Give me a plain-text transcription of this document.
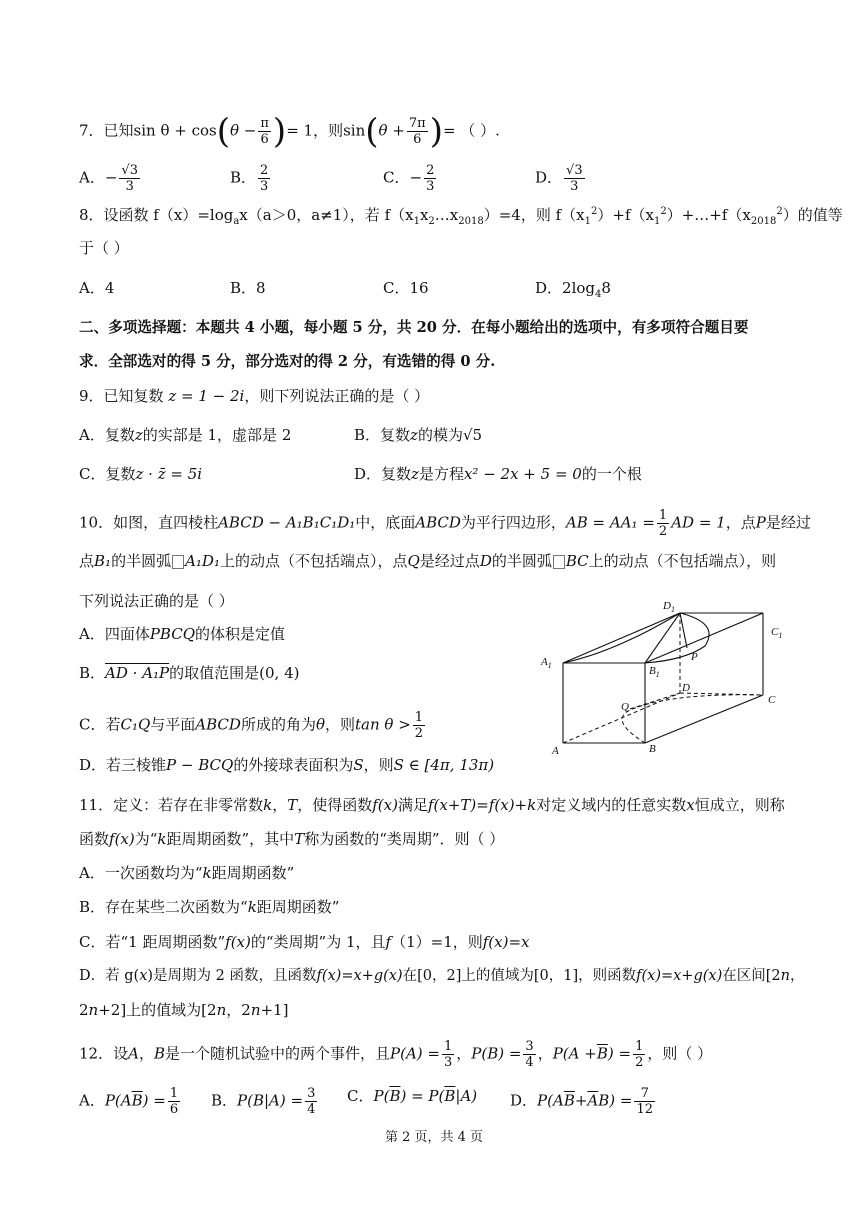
7．已知$\sin \theta + \cos(\theta - \frac{\pi}{6}$ )= 1，则$\sin(\theta + \frac{7\pi}{6}$ )= （ ）.
A．− $\frac{√3}{3}$	B． $\frac{2}{3}$	C．− $\frac{2}{3}$	D． $\frac{√3}{3}$
8．设函数 $f(x)=\log_ax(a>0$，a≠1），若 $f(x_1x_2\dots x_{2018})=4$，则 $f(x_1^2)+f(x_1^2)+\dots+f(x_{2018}^2)$的值等
于（ ）
A．4	B．8	C．16	D．$2\log_48$
二、多项选择题：本题共 4 小题，每小题 5 分，共 20 分．在每小题给出的选项中，有多项符合题目要
求．全部选对的得 5 分，部分选对的得 2 分，有选错的得 0 分.
9．已知复数 z = 1 − 2i，则下列说法正确的是（ ）
A．复数z的实部是 1，虚部是 2	B．复数z的模为√5
C．复数z · z̄ = 5i	D．复数z是方程x² − 2x + 5 = 0的一个根
10．如图，直四棱柱ABCD − A₁B₁C₁D₁中，底面ABCD为平行四边形，AB = $AA_1 = \frac{1}{2}$ AD = 1，点P是经过
点B₁的半圆弧 A₁D₁上的动点（不包括端点），点Q是经过点D的半圆弧 BC上的动点（不包括端点），则
下列说法正确的是（ ）
A．四面体PBCQ的体积是定值
B．AD · A₁P的取值范围是(0, 4)
C．若C₁Q与平面ABCD所成的角为θ，则$\tan \theta > \frac{1}{2}$
D．若三棱锥P − BCQ的外接球表面积为S，则S ∈ [4π, 13π)
$D_1$
$C_1$
$A_1$	$B_1$
P
D
Q
C
A	B
11．定义：若存在非零常数k，T，使得函数f(x)满足f(x+T)=f(x)+k对定义域内的任意实数x恒成立，则称
函数f(x)为“k距周期函数”，其中T称为函数的“类周期”．则（ ）
A．一次函数均为“k距周期函数”
B．存在某些二次函数为“k距周期函数”
C．若“1 距周期函数”f(x)的“类周期”为 1，且f（1）=1，则f(x)=x
D．若 g(x)是周期为 2 函数，且函数f(x)=x+g(x)在[0，2]上的值域为[0，1]，则函数f(x)=x+g(x)在区间[2n，
2n+2]上的值域为[2n，2n+1]
12．设A，B是一个随机试验中的两个事件，且$P(A) = \frac{1}{3}$ ，$P(B) = \frac{3}{4}$ ，$P(A +\overline{B}) = \frac{1}{2}$ ，则（ ）
A．$P(A\overline{B}) = \frac{1}{6}$ B．$P(B|A) = \frac{3}{4}$ C．$P(\overline{B}) = P(\overline{B}|A)$ D．$P(A\overline{B}+\overline{A}B) = \frac{7}{12}$
第 2 页，共 4 页
